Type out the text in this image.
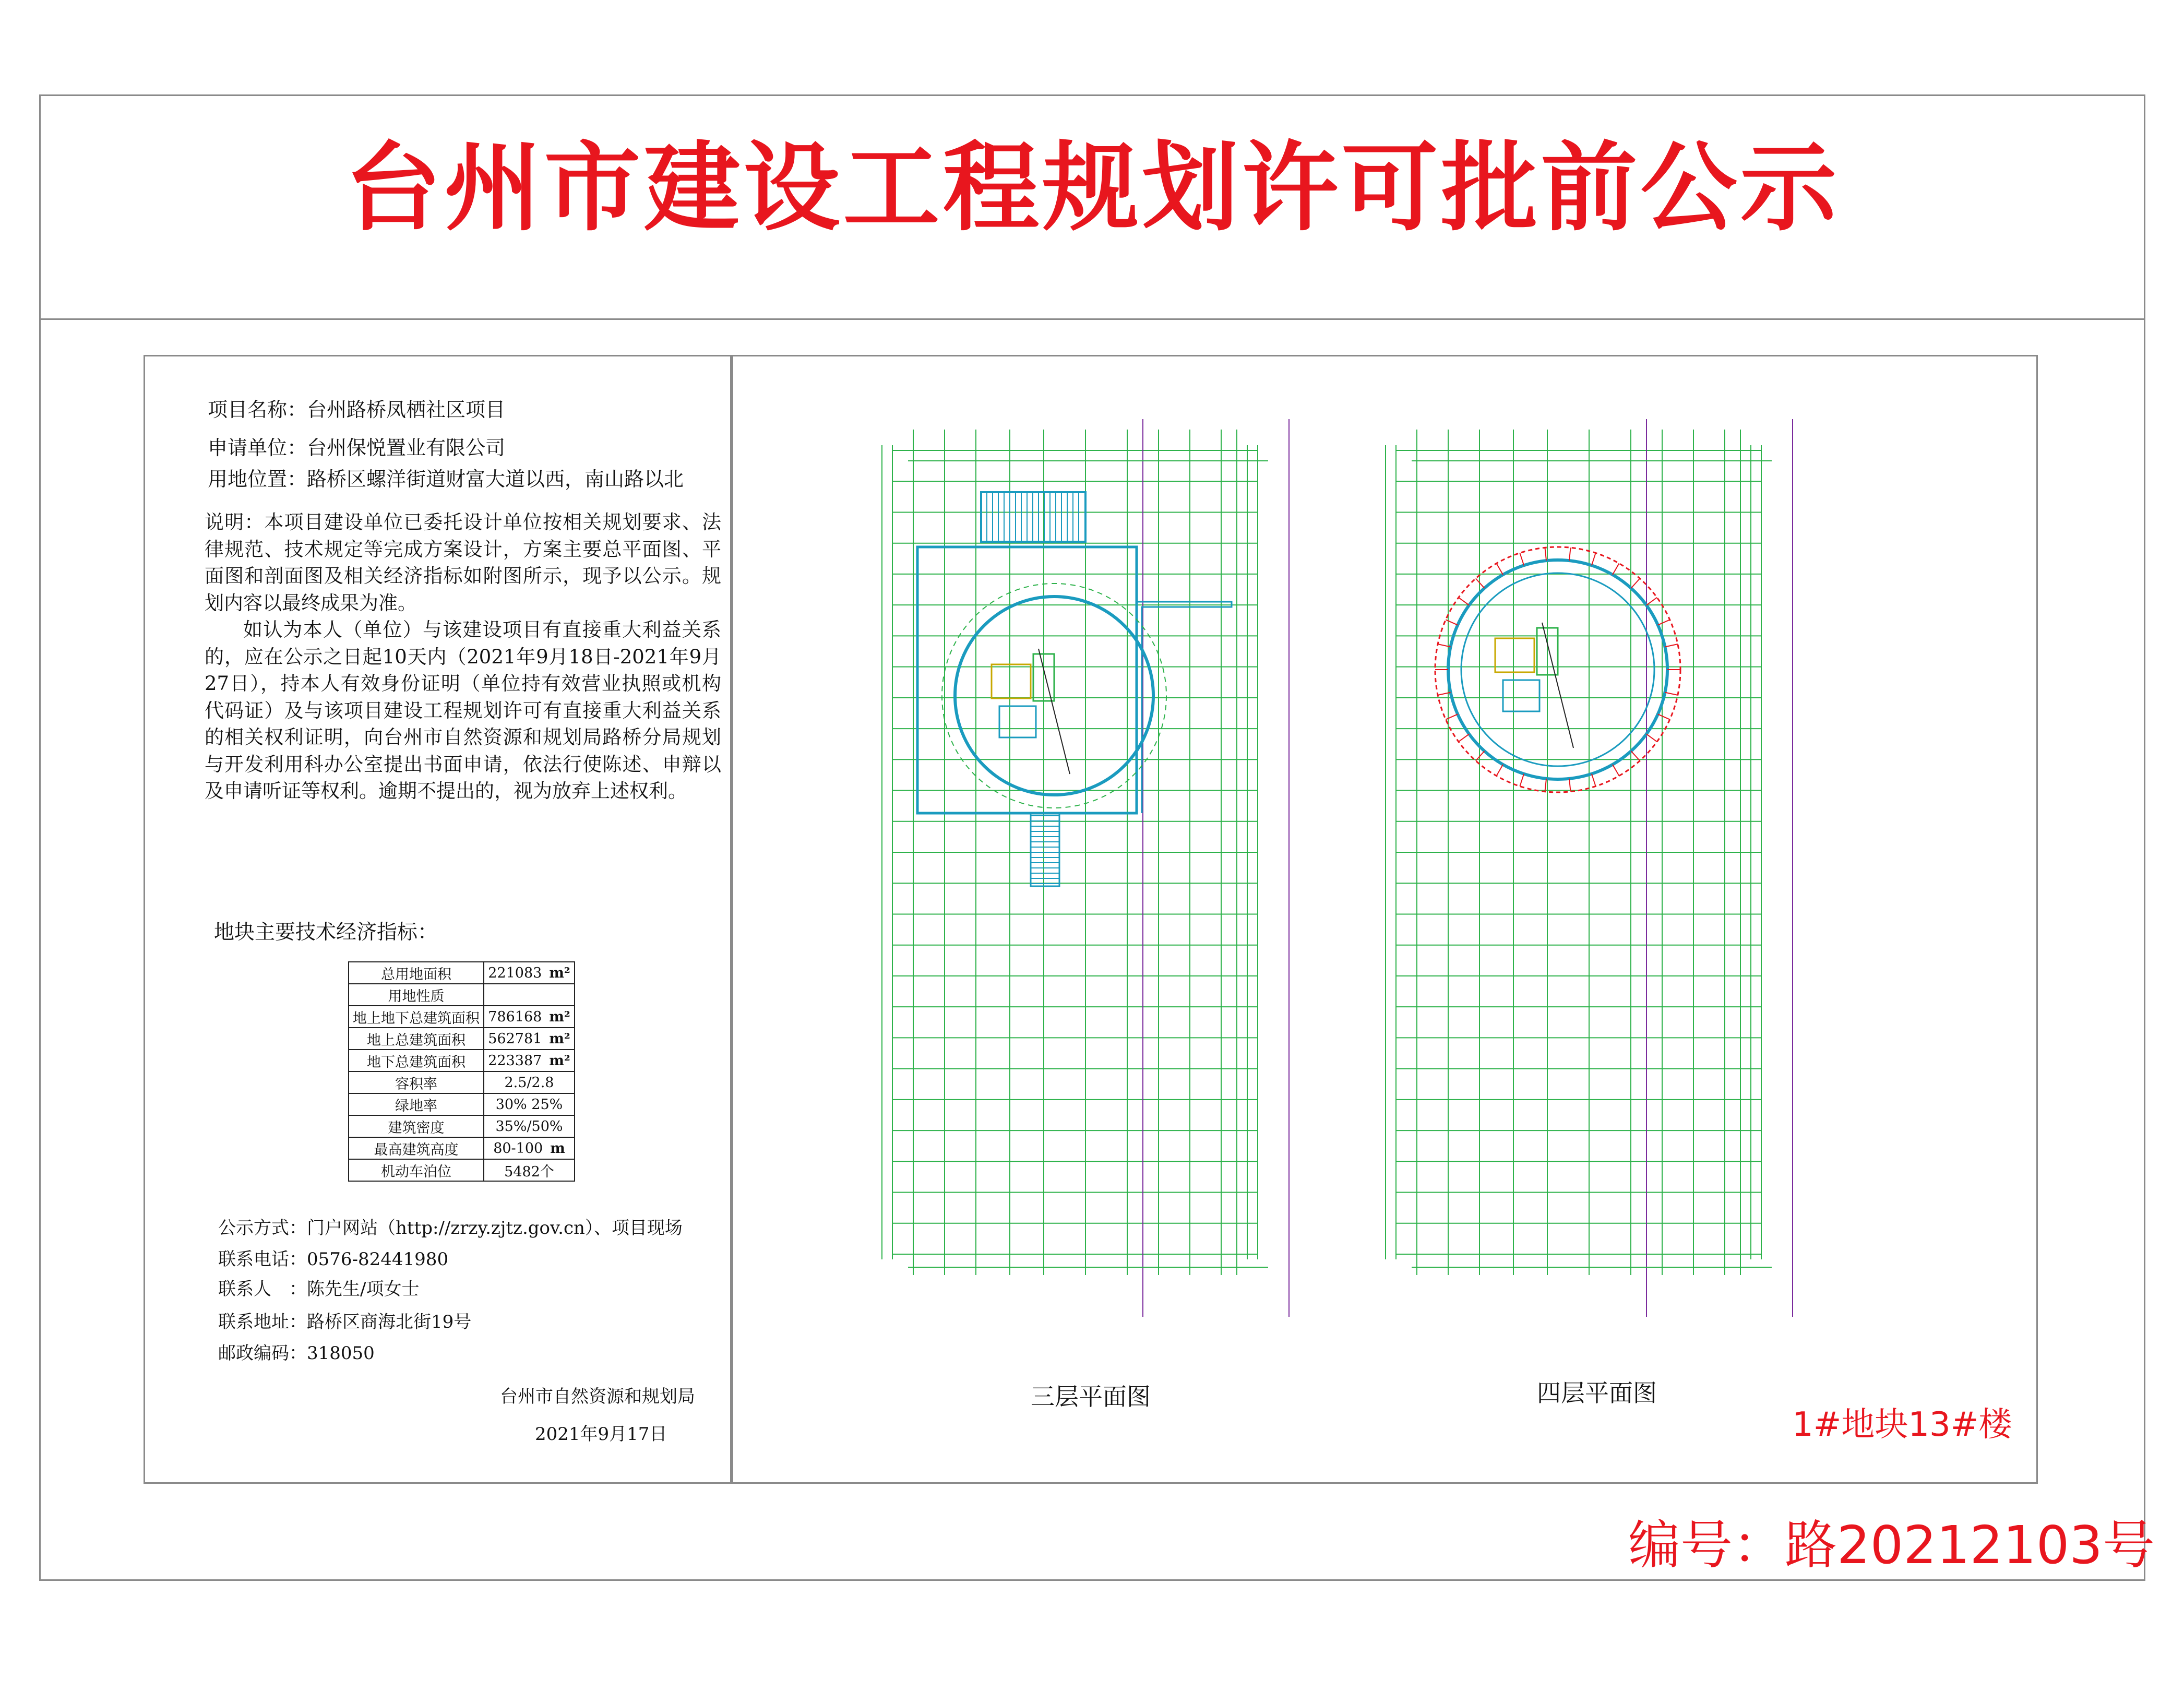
台州市建设工程规划许可批前公示
项目名称：台州路桥凤栖社区项目
申请单位：台州保悦置业有限公司
用地位置：路桥区螺洋街道财富大道以西，南山路以北

说明：本项目建设单位已委托设计单位按相关规划要求、法律规范、技术规定等完成方案设计，方案主要总平面图、平面图和剖面图及相关经济指标如附图所示，现予以公示。规划内容以最终成果为准。

如认为本人（单位）与该建设项目有直接重大利益关系的，应在公示之日起10天内（2021年9月18日-2021年9月27日），持本人有效身份证明（单位持有效营业执照或机构代码证）及与该项目建设工程规划许可有直接重大利益关系的相关权利证明，向台州市自然资源和规划局路桥分局规划与开发利用科办公室提出书面申请，依法行使陈述、申辩以及申请听证等权利。逾期不提出的，视为放弃上述权利。

地块主要技术经济指标：
总用地面积	221083 m²
用地性质	
地上地下总建筑面积	786168 m²
地上总建筑面积	562781 m²
地下总建筑面积	223387 m²
容积率	2.5/2.8
绿地率	30% 25%
建筑密度	35%/50%
最高建筑高度	80-100 m
机动车泊位	5482个
公示方式：门户网站（http://zrzy.zjtz.gov.cn）、项目现场
联系电话：0576-82441980
联系人　：陈先生/项女士
联系地址：路桥区商海北街19号
邮政编码：318050
台州市自然资源和规划局
2021年9月17日
三层平面图	四层平面图
1#地块13#楼
编号：路20212103号
